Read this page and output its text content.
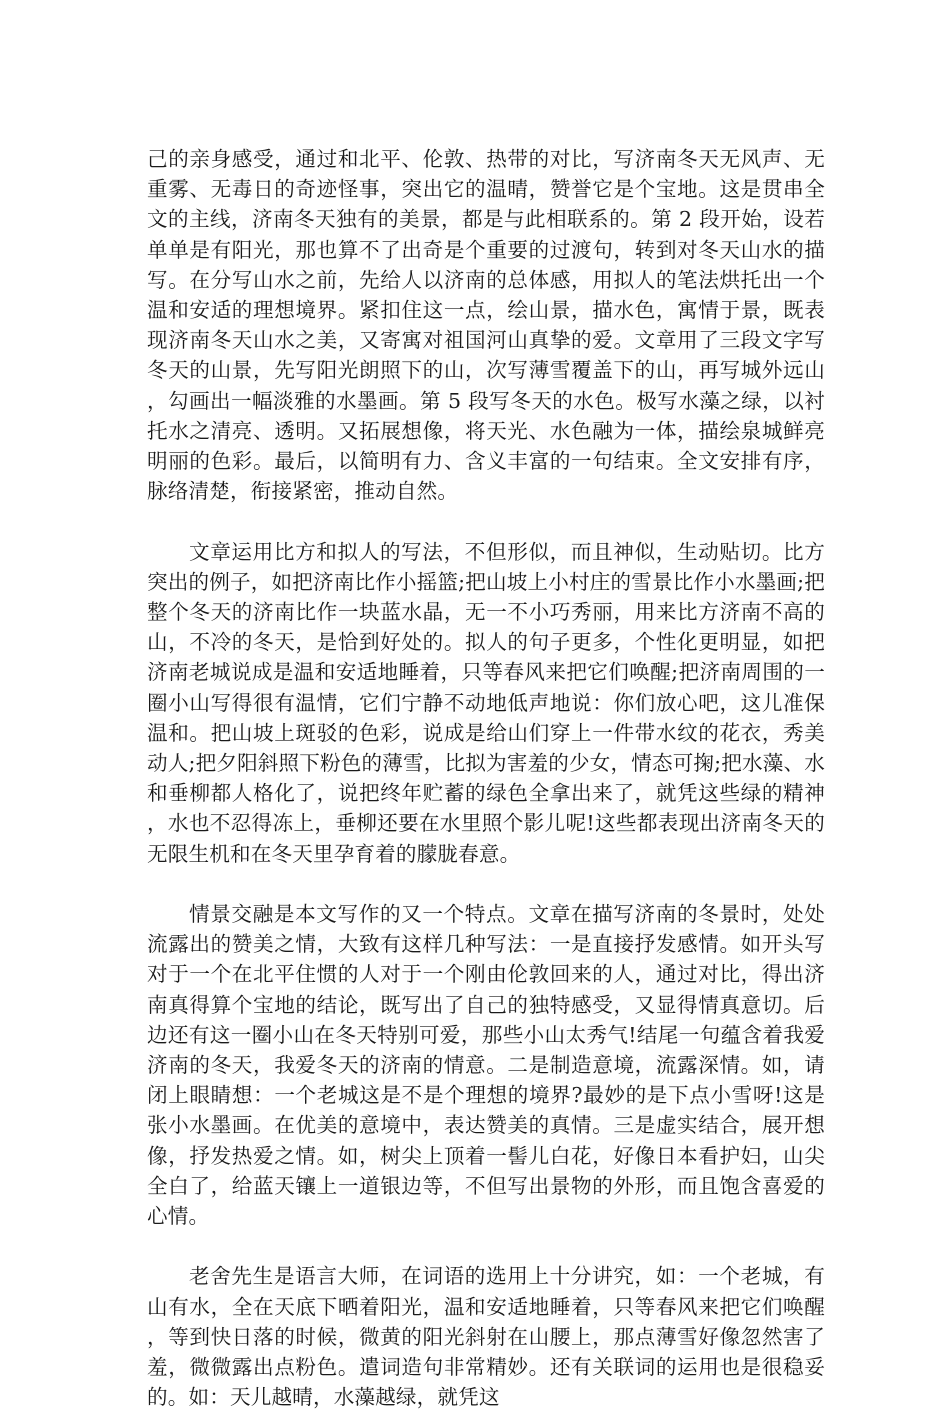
己的亲身感受，通过和北平、伦敦、热带的对比，写济南冬天无风声、无重雾、无毒日的奇迹怪事，突出它的温晴，赞誉它是个宝地。这是贯串全文的主线，济南冬天独有的美景，都是与此相联系的。第 2 段开始，设若单单是有阳光，那也算不了出奇是个重要的过渡句，转到对冬天山水的描写。在分写山水之前，先给人以济南的总体感，用拟人的笔法烘托出一个温和安适的理想境界。紧扣住这一点，绘山景，描水色，寓情于景，既表现济南冬天山水之美，又寄寓对祖国河山真挚的爱。文章用了三段文字写冬天的山景，先写阳光朗照下的山，次写薄雪覆盖下的山，再写城外远山，勾画出一幅淡雅的水墨画。第 5 段写冬天的水色。极写水藻之绿，以衬托水之清亮、透明。又拓展想像，将天光、水色融为一体，描绘泉城鲜亮明丽的色彩。最后，以简明有力、含义丰富的一句结束。全文安排有序，脉络清楚，衔接紧密，推动自然。

文章运用比方和拟人的写法，不但形似，而且神似，生动贴切。比方突出的例子，如把济南比作小摇篮;把山坡上小村庄的雪景比作小水墨画;把整个冬天的济南比作一块蓝水晶，无一不小巧秀丽，用来比方济南不高的山，不冷的冬天，是恰到好处的。拟人的句子更多，个性化更明显，如把济南老城说成是温和安适地睡着，只等春风来把它们唤醒;把济南周围的一圈小山写得很有温情，它们宁静不动地低声地说：你们放心吧，这儿准保温和。把山坡上斑驳的色彩，说成是给山们穿上一件带水纹的花衣，秀美动人;把夕阳斜照下粉色的薄雪，比拟为害羞的少女，情态可掬;把水藻、水和垂柳都人格化了，说把终年贮蓄的绿色全拿出来了，就凭这些绿的精神，水也不忍得冻上，垂柳还要在水里照个影儿呢!这些都表现出济南冬天的无限生机和在冬天里孕育着的朦胧春意。

情景交融是本文写作的又一个特点。文章在描写济南的冬景时，处处流露出的赞美之情，大致有这样几种写法：一是直接抒发感情。如开头写对于一个在北平住惯的人对于一个刚由伦敦回来的人，通过对比，得出济南真得算个宝地的结论，既写出了自己的独特感受，又显得情真意切。后边还有这一圈小山在冬天特别可爱，那些小山太秀气!结尾一句蕴含着我爱济南的冬天，我爱冬天的济南的情意。二是制造意境，流露深情。如，请闭上眼睛想：一个老城这是不是个理想的境界?最妙的是下点小雪呀!这是张小水墨画。在优美的意境中，表达赞美的真情。三是虚实结合，展开想像，抒发热爱之情。如，树尖上顶着一髻儿白花，好像日本看护妇，山尖全白了，给蓝天镶上一道银边等，不但写出景物的外形，而且饱含喜爱的心情。

老舍先生是语言大师，在词语的选用上十分讲究，如：一个老城，有山有水，全在天底下晒着阳光，温和安适地睡着，只等春风来把它们唤醒，等到快日落的时候，微黄的阳光斜射在山腰上，那点薄雪好像忽然害了羞，微微露出点粉色。遣词造句非常精妙。还有关联词的运用也是很稳妥的。如：天儿越晴，水藻越绿，就凭这
